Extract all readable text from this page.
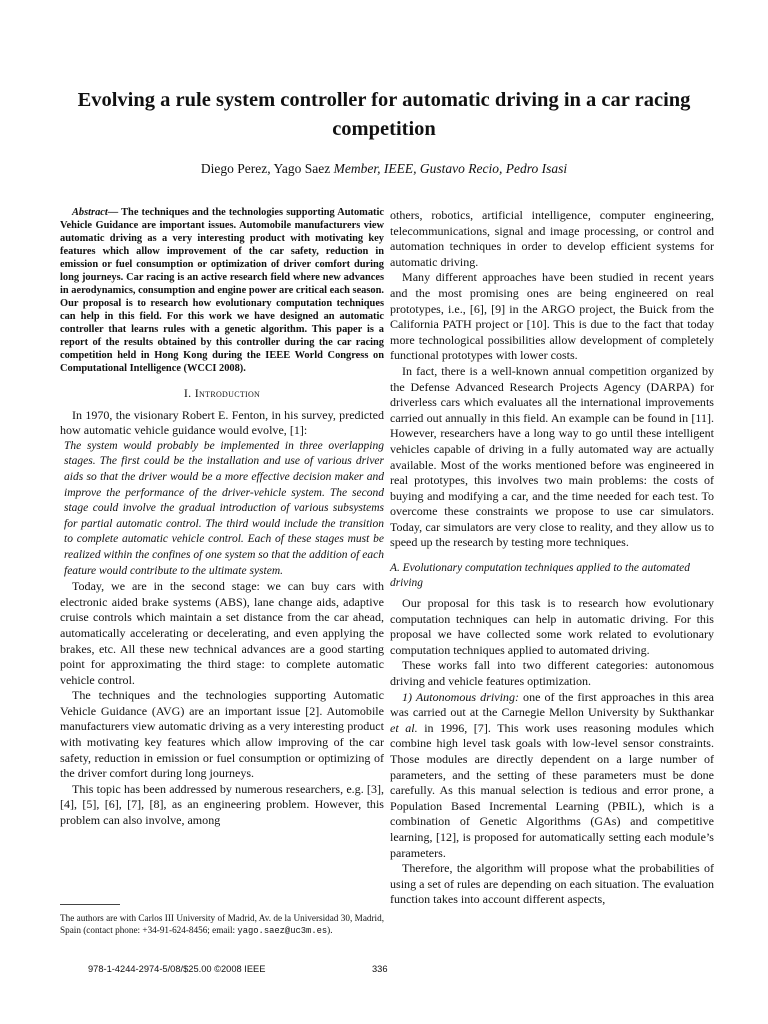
Evolving a rule system controller for automatic driving in a car racing competition
Diego Perez, Yago Saez Member, IEEE, Gustavo Recio, Pedro Isasi

Abstract— The techniques and the technologies supporting Automatic Vehicle Guidance are important issues. Automobile manufacturers view automatic driving as a very interesting product with motivating key features which allow improvement of the car safety, reduction in emission or fuel consumption or optimization of driver comfort during long journeys. Car racing is an active research field where new advances in aerodynamics, consumption and engine power are critical each season. Our proposal is to research how evolutionary computation techniques can help in this field. For this work we have designed an automatic controller that learns rules with a genetic algorithm. This paper is a report of the results obtained by this controller during the car racing competition held in Hong Kong during the IEEE World Congress on Computational Intelligence (WCCI 2008).

I. Introduction

In 1970, the visionary Robert E. Fenton, in his survey, predicted how automatic vehicle guidance would evolve, [1]:

The system would probably be implemented in three overlapping stages. The first could be the installation and use of various driver aids so that the driver would be a more effective decision maker and improve the performance of the driver-vehicle system. The second stage could involve the gradual introduction of various subsystems for partial automatic control. The third would include the transition to complete automatic vehicle control. Each of these stages must be realized within the confines of one system so that the addition of each feature would contribute to the ultimate system.

Today, we are in the second stage: we can buy cars with electronic aided brake systems (ABS), lane change aids, adaptive cruise controls which maintain a set distance from the car ahead, automatically accelerating or decelerating, and even applying the brakes, etc. All these new technical advances are a good starting point for approximating the third stage: to complete automatic vehicle control.

The techniques and the technologies supporting Automatic Vehicle Guidance (AVG) are an important issue [2]. Automobile manufacturers view automatic driving as a very interesting product with motivating key features which allow improving of the car safety, reduction in emission or fuel consumption or optimizing of the driver comfort during long journeys.

This topic has been addressed by numerous researchers, e.g. [3], [4], [5], [6], [7], [8], as an engineering problem. However, this problem can also involve, among

others, robotics, artificial intelligence, computer engineering, telecommunications, signal and image processing, or control and automation techniques in order to develop efficient systems for automatic driving.

Many different approaches have been studied in recent years and the most promising ones are being engineered on real prototypes, i.e., [6], [9] in the ARGO project, the Buick from the California PATH project or [10]. This is due to the fact that today more technological possibilities allow development of completely functional prototypes with lower costs.

In fact, there is a well-known annual competition organized by the Defense Advanced Research Projects Agency (DARPA) for driverless cars which evaluates all the international improvements carried out annually in this field. An example can be found in [11]. However, researchers have a long way to go until these intelligent vehicles capable of driving in a fully automated way are actually available. Most of the works mentioned before was engineered in real prototypes, this involves two main problems: the costs of buying and modifying a car, and the time needed for each test. To overcome these constraints we propose to use car simulators. Today, car simulators are very close to reality, and they allow us to speed up the research by testing more techniques.

A. Evolutionary computation techniques applied to the automated driving

Our proposal for this task is to research how evolutionary computation techniques can help in automatic driving. For this proposal we have collected some work related to evolutionary computation techniques applied to automated driving.

These works fall into two different categories: autonomous driving and vehicle features optimization.

1) Autonomous driving: one of the first approaches in this area was carried out at the Carnegie Mellon University by Sukthankar et al. in 1996, [7]. This work uses reasoning modules which combine high level task goals with low-level sensor constraints. Those modules are directly dependent on a large number of parameters, and the setting of these parameters must be done carefully. As this manual selection is tedious and error prone, a Population Based Incremental Learning (PBIL), which is a combination of Genetic Algorithms (GAs) and competitive learning, [12], is proposed for automatically setting each module’s parameters.

Therefore, the algorithm will propose what the probabilities of using a set of rules are depending on each situation. The evaluation function takes into account different aspects,

The authors are with Carlos III University of Madrid, Av. de la Universidad 30, Madrid, Spain (contact phone: +34-91-624-8456; email: yago.saez@uc3m.es).
978-1-4244-2974-5/08/$25.00 ©2008 IEEE	336
